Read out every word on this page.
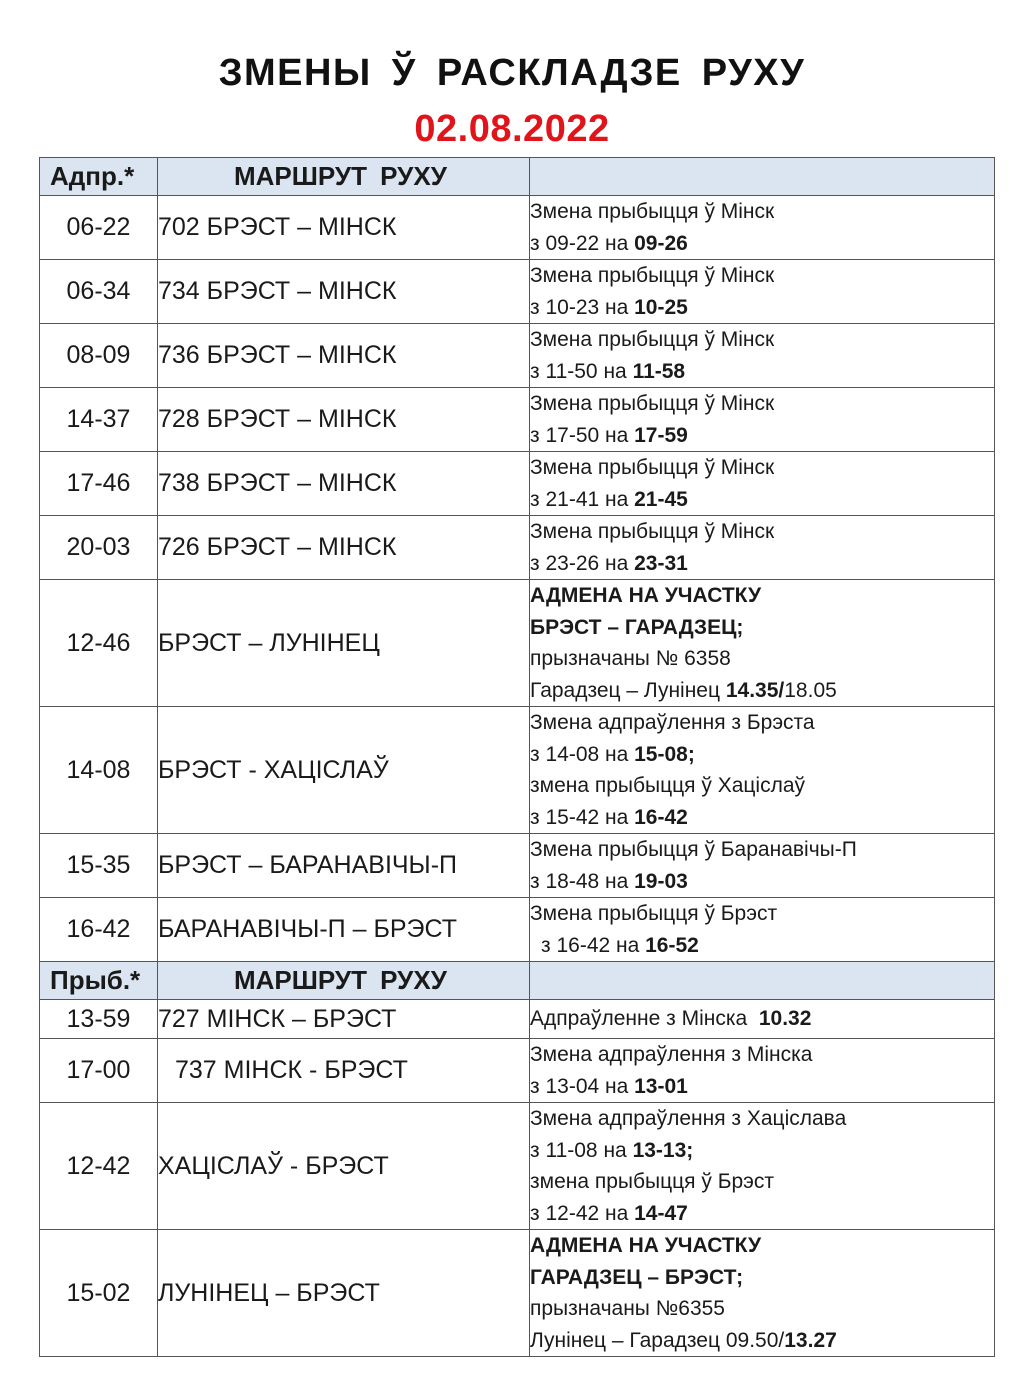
ЗМЕНЫ Ў РАСКЛАДЗЕ РУХУ
02.08.2022
Адпр.*	МАРШРУТ РУХУ	
06-22	702 БРЭСТ – МІНСК	Змена прыбыцця ў Мінск
з 09-22 на 09-26

06-34	734 БРЭСТ – МІНСК	Змена прыбыцця ў Мінск
з 10-23 на 10-25

08-09	736 БРЭСТ – МІНСК	Змена прыбыцця ў Мінск
з 11-50 на 11-58

14-37	728 БРЭСТ – МІНСК	Змена прыбыцця ў Мінск
з 17-50 на 17-59

17-46	738 БРЭСТ – МІНСК	Змена прыбыцця ў Мінск
з 21-41 на 21-45

20-03	726 БРЭСТ – МІНСК	Змена прыбыцця ў Мінск
з 23-26 на 23-31

12-46	БРЭСТ – ЛУНІНЕЦ	АДМЕНА НА УЧАСТКУ
БРЭСТ – ГАРАДЗЕЦ;
прызначаны № 6358
Гарадзец – Лунінец 14.35/18.05

14-08	БРЭСТ - ХАЦІСЛАЎ	Змена адпраўлення з Брэста
з 14-08 на 15-08;
змена прыбыцця ў Хацiслаў
з 15-42 на 16-42

15-35	БРЭСТ – БАРАНАВІЧЫ-П	Змена прыбыцця ў Баранавічы-П
з 18-48 на 19-03

16-42	БАРАНАВІЧЫ-П – БРЭСТ	Змена прыбыцця ў Брэст
з 16-42 на 16-52

Прыб.*	МАРШРУТ РУХУ	
13-59	727 МІНСК – БРЭСТ	Адпраўленне з Мінска  10.32

17-00	737 МІНСК - БРЭСТ	Змена адпраўлення з Мінска
з 13-04 на 13-01

12-42	ХАЦІСЛАЎ - БРЭСТ	Змена адпраўлення з Хацiслава
з 11-08 на 13-13;
змена прыбыцця ў Брэст
з 12-42 на 14-47

15-02	ЛУНІНЕЦ – БРЭСТ	АДМЕНА НА УЧАСТКУ
ГАРАДЗЕЦ – БРЭСТ;
прызначаны №6355
Лунінец – Гарадзец 09.50/13.27
